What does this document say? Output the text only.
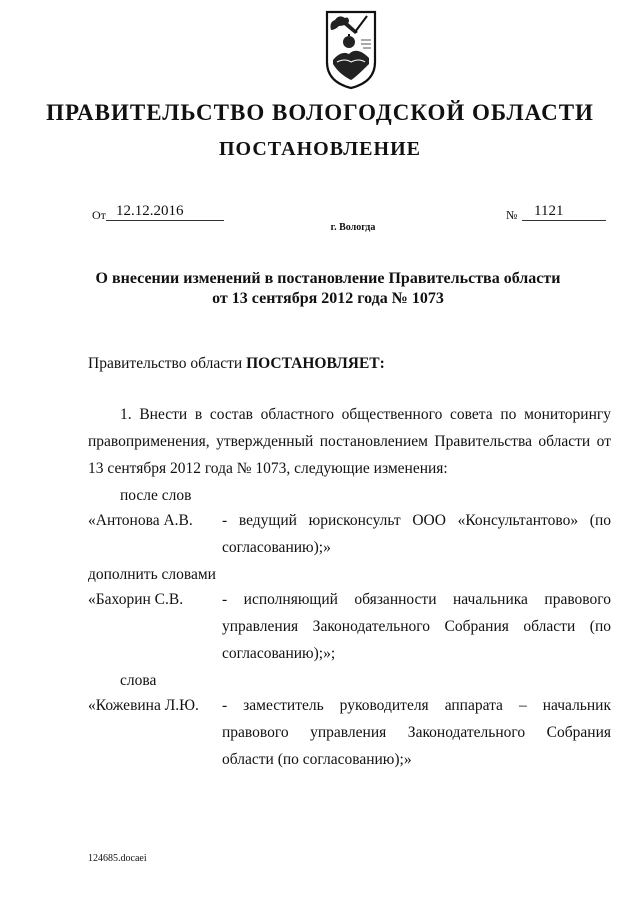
ПРАВИТЕЛЬСТВО ВОЛОГОДСКОЙ ОБЛАСТИ
ПОСТАНОВЛЕНИЕ
От 12.12.2016	№ 1121
г. Вологда
О внесении изменений в постановление Правительства области
от 13 сентября 2012 года № 1073
Правительство области ПОСТАНОВЛЯЕТ:
1. Внести в состав областного общественного совета по мониторингу
правоприменения, утвержденный постановлением Правительства области от
13 сентября 2012 года № 1073, следующие изменения:
после слов
«Антонова А.В. - ведущий юрисконсульт ООО «Консультантово» (по
согласованию);»
дополнить словами
«Бахорин С.В.	- исполняющий обязанности начальника правового
управления Законодательного Собрания области (по
согласованию);»;
слова
«Кожевина Л.Ю. - заместитель руководителя аппарата – начальник
правового управления Законодательного Собрания
области (по согласованию);»
124685.docaei
